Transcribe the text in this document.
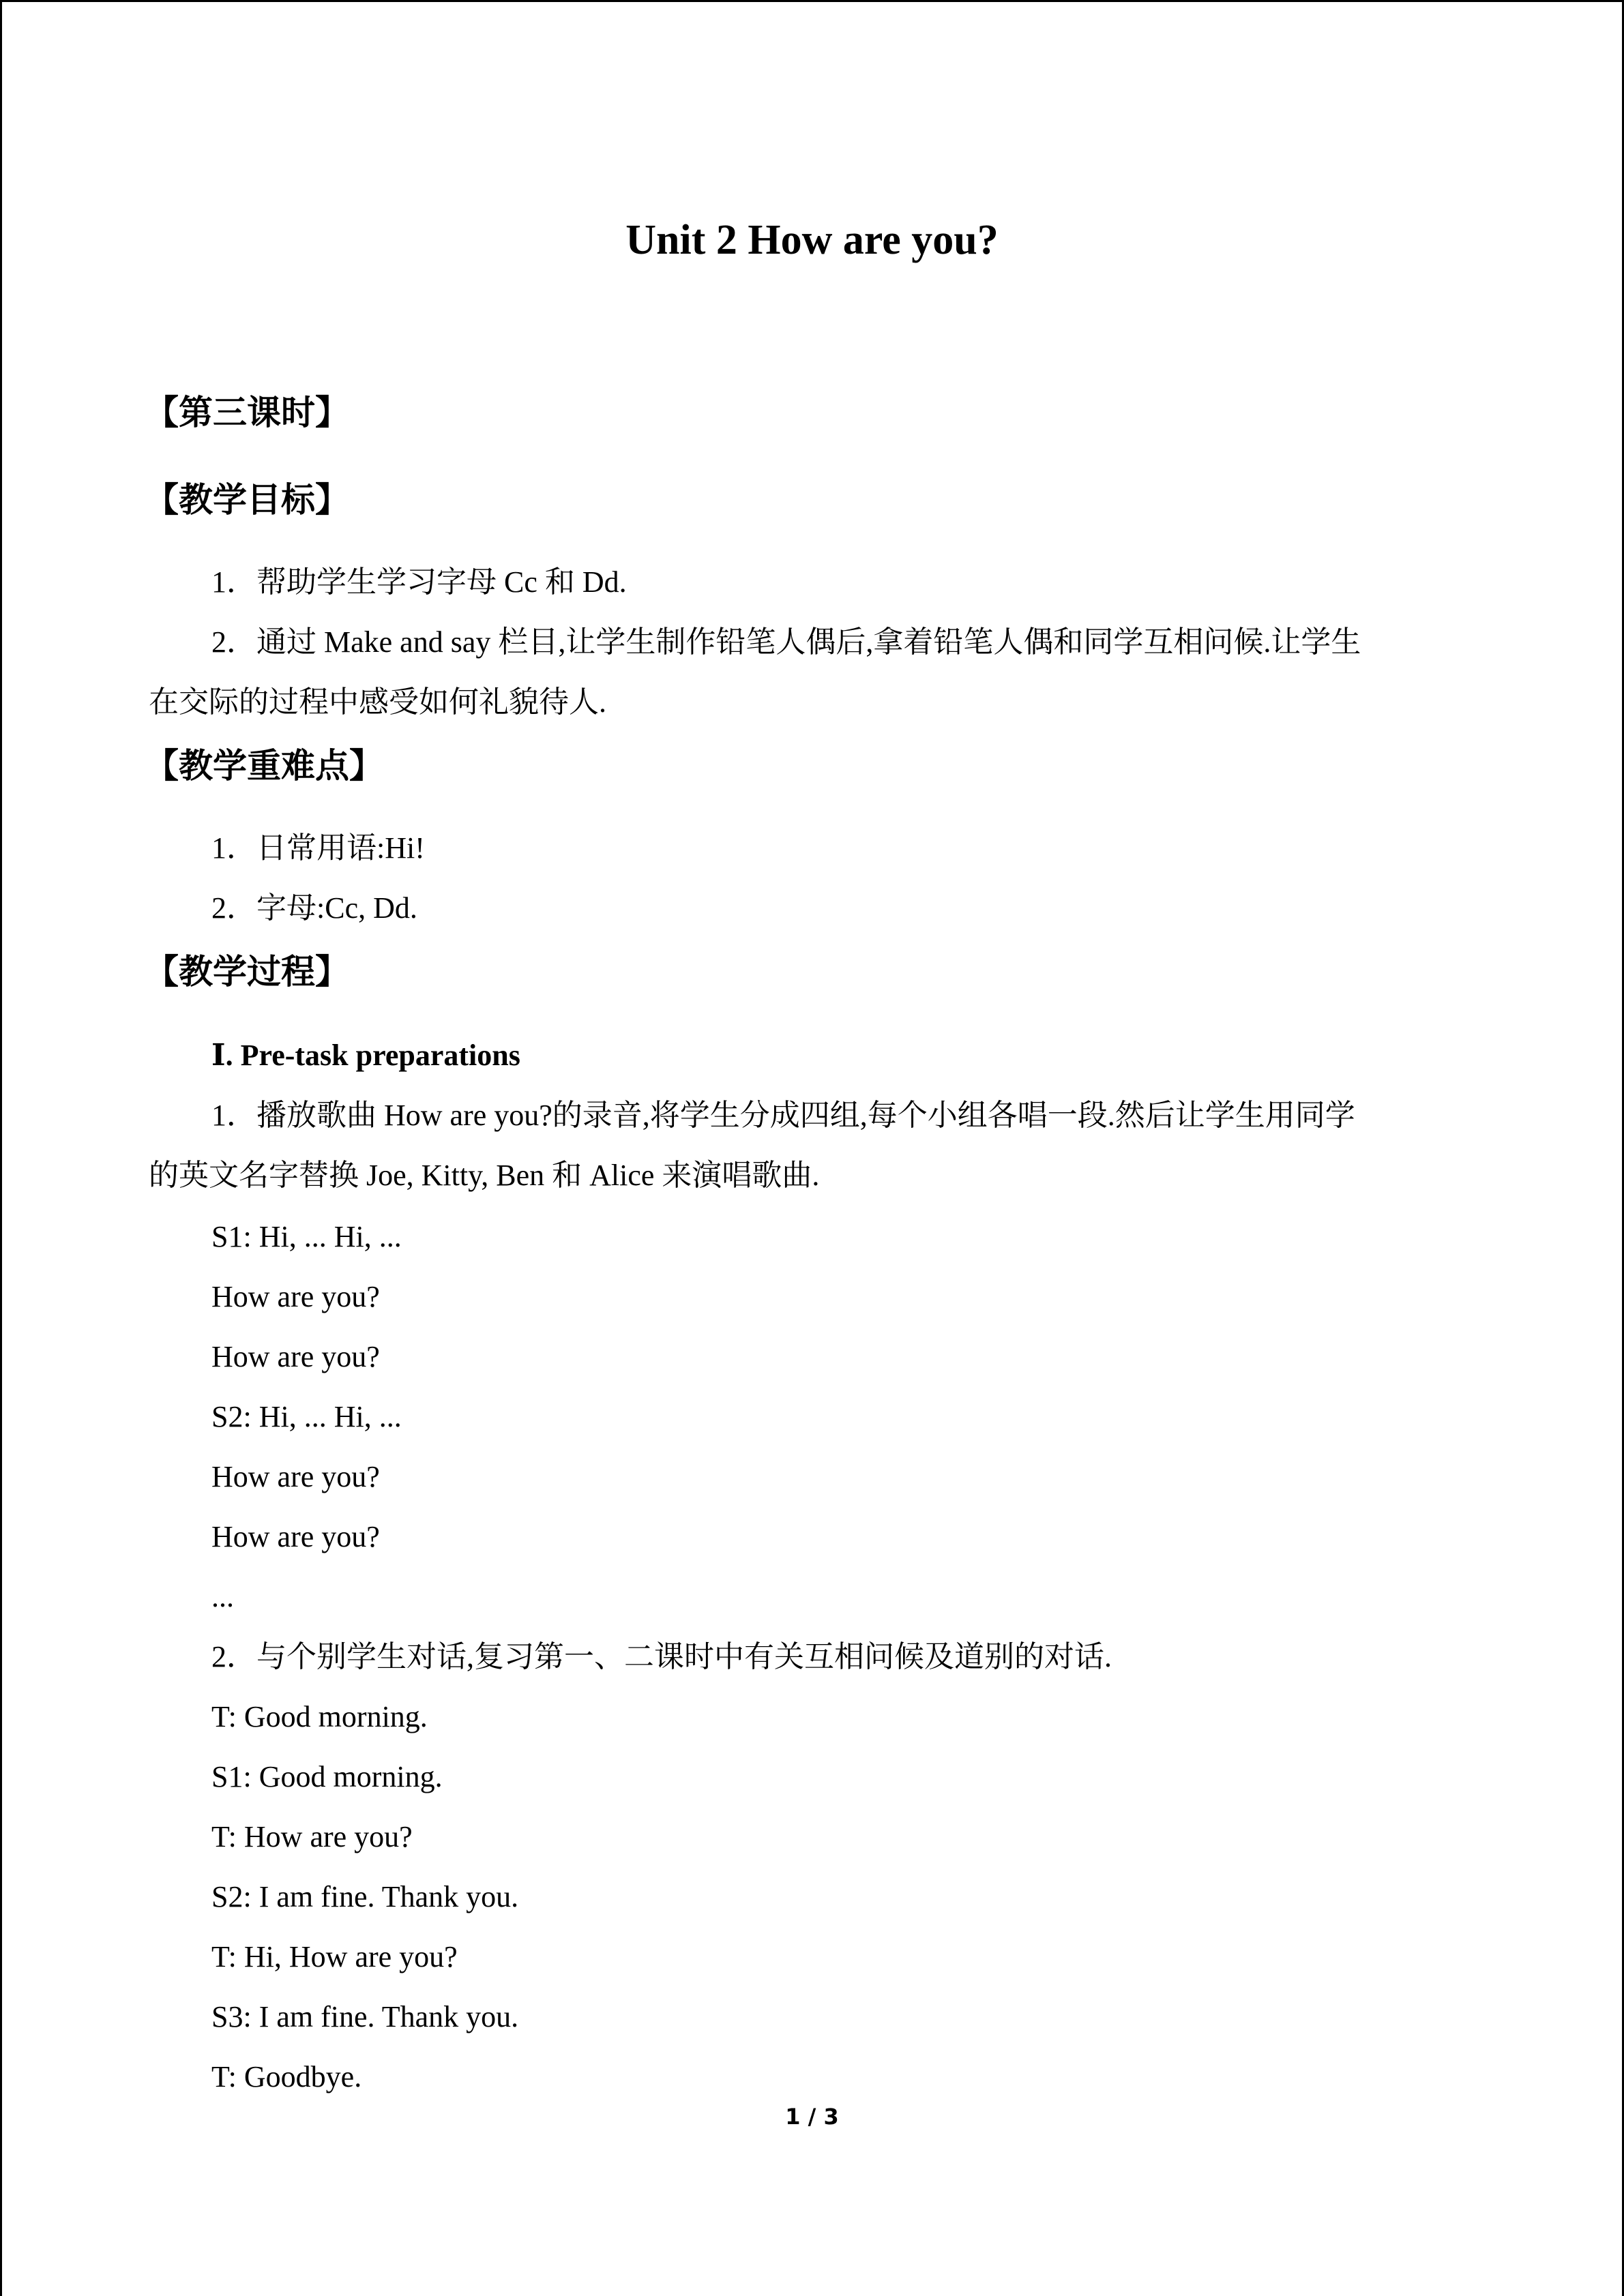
Unit 2 How are you?
【第三课时】
【教学目标】

1．帮助学生学习字母 Cc 和 Dd.

2．通过 Make and say 栏目,让学生制作铅笔人偶后,拿着铅笔人偶和同学互相问候.让学生

在交际的过程中感受如何礼貌待人.

【教学重难点】

1．日常用语:Hi!

2．字母:Cc, Dd.

【教学过程】

Ⅰ. Pre-task preparations

1．播放歌曲 How are you?的录音,将学生分成四组,每个小组各唱一段.然后让学生用同学

的英文名字替换 Joe, Kitty, Ben 和 Alice 来演唱歌曲.

S1: Hi, ... Hi, ...

How are you?

How are you?

S2: Hi, ... Hi, ...

How are you?

How are you?

...

2．与个别学生对话,复习第一、二课时中有关互相问候及道别的对话.

T: Good morning.

S1: Good morning.

T: How are you?

S2: I am fine. Thank you.

T: Hi, How are you?

S3: I am fine. Thank you.

T: Goodbye.

1 / 3
